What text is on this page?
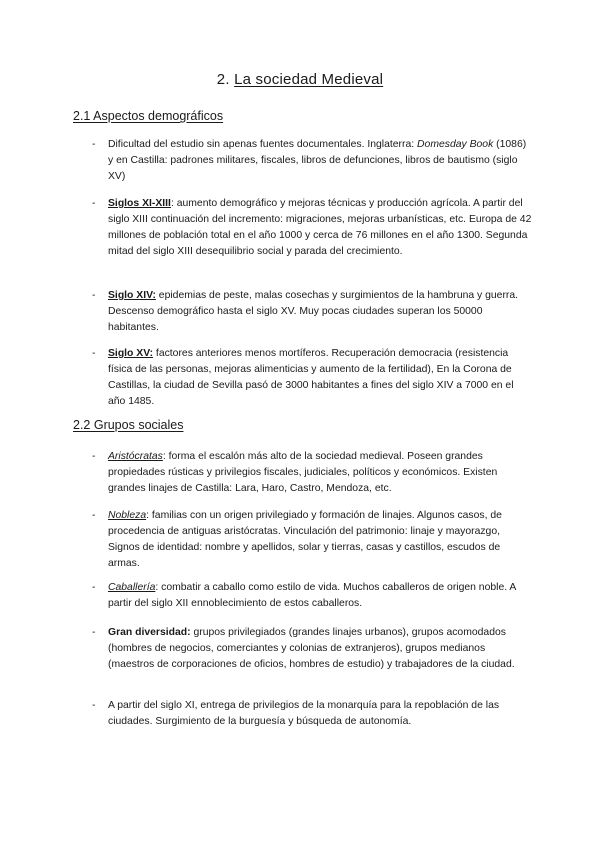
2. La sociedad Medieval
2.1 Aspectos demográficos
-	Dificultad del estudio sin apenas fuentes documentales. Inglaterra: Domesday Book (1086) y en Castilla: padrones militares, fiscales, libros de defunciones, libros de bautismo (siglo XV)
-	Siglos XI-XIII: aumento demográfico y mejoras técnicas y producción agrícola. A partir del siglo XIII continuación del incremento: migraciones, mejoras urbanísticas, etc. Europa de 42 millones de población total en el año 1000 y cerca de 76 millones en el año 1300. Segunda mitad del siglo XIII desequilibrio social y parada del crecimiento.
-	Siglo XIV: epidemias de peste, malas cosechas y surgimientos de la hambruna y guerra. Descenso demográfico hasta el siglo XV. Muy pocas ciudades superan los 50000 habitantes.
-	Siglo XV: factores anteriores menos mortíferos. Recuperación democracia (resistencia física de las personas, mejoras alimenticias y aumento de la fertilidad), En la Corona de Castillas, la ciudad de Sevilla pasó de 3000 habitantes a fines del siglo XIV a 7000 en el año 1485.
2.2 Grupos sociales
-	Aristócratas: forma el escalón más alto de la sociedad medieval. Poseen grandes propiedades rústicas y privilegios fiscales, judiciales, políticos y económicos. Existen grandes linajes de Castilla: Lara, Haro, Castro, Mendoza, etc.
-	Nobleza: familias con un origen privilegiado y formación de linajes. Algunos casos, de procedencia de antiguas aristócratas. Vinculación del patrimonio: linaje y mayorazgo, Signos de identidad: nombre y apellidos, solar y tierras, casas y castillos, escudos de armas.
-	Caballería: combatir a caballo como estilo de vida. Muchos caballeros de origen noble. A partir del siglo XII ennoblecimiento de estos caballeros.
-	Gran diversidad: grupos privilegiados (grandes linajes urbanos), grupos acomodados (hombres de negocios, comerciantes y colonias de extranjeros), grupos medianos (maestros de corporaciones de oficios, hombres de estudio) y trabajadores de la ciudad.
-	A partir del siglo XI, entrega de privilegios de la monarquía para la repoblación de las ciudades. Surgimiento de la burguesía y búsqueda de autonomía.
